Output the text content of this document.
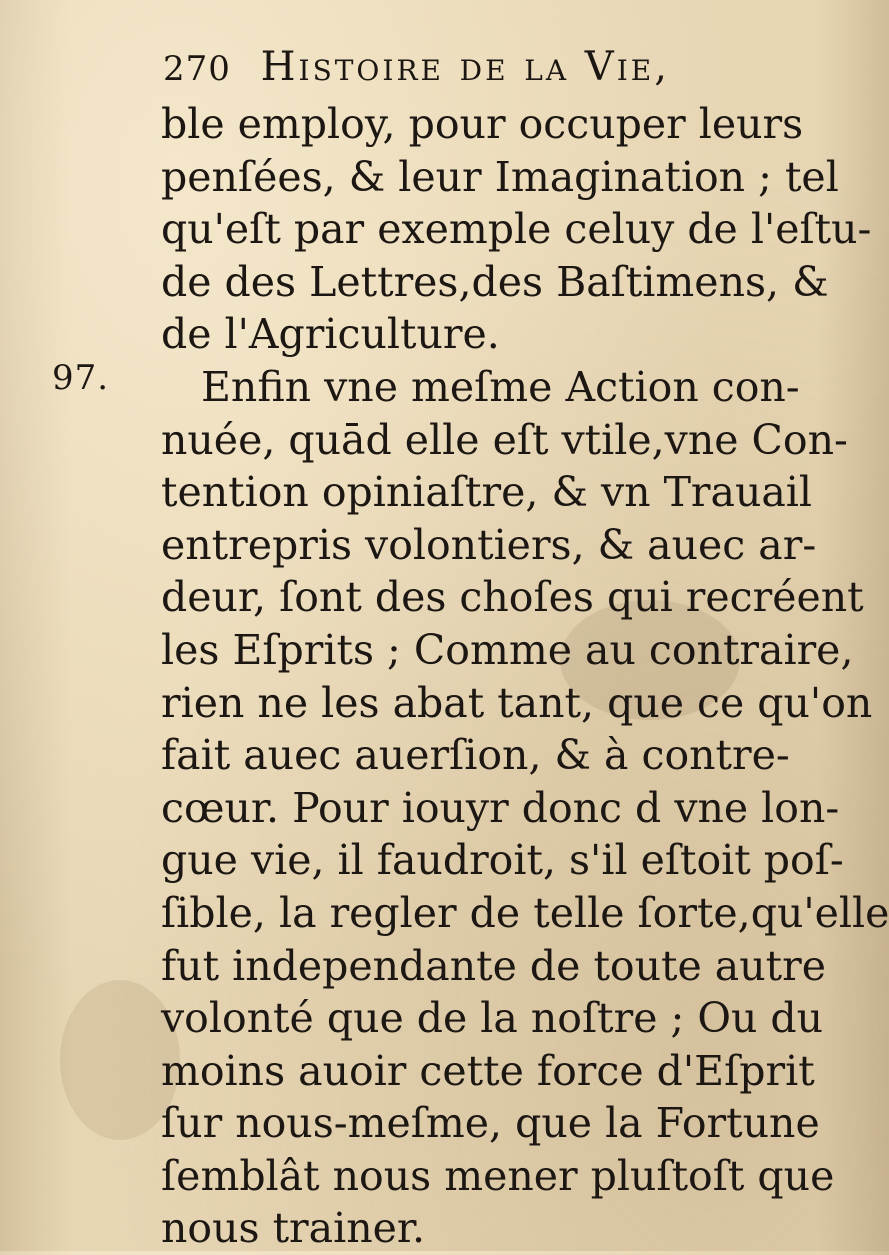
270 Histoire de la Vie,
97.
ble employ, pour occuper leurs
penſées, & leur Imagination ; tel
qu'eſt par exemple celuy de l'eſtu-
de des Lettres,des Baſtimens, &
de l'Agriculture.
Enfin vne meſme Action con-
nuée, quād elle eſt vtile,vne Con-
tention opiniaſtre, & vn Trauail
entrepris volontiers, & auec ar-
deur, ſont des choſes qui recréent
les Eſprits ; Comme au contraire,
rien ne les abat tant, que ce qu'on
fait auec auerſion, & à contre-
cœur. Pour iouyr donc d vne lon-
gue vie, il faudroit, s'il eſtoit poſ-
ſible, la regler de telle ſorte,qu'elle
fut independante de toute autre
volonté que de la noſtre ; Ou du
moins auoir cette force d'Eſprit
ſur nous-meſme, que la Fortune
ſemblât nous mener pluſtoſt que
nous trainer.
